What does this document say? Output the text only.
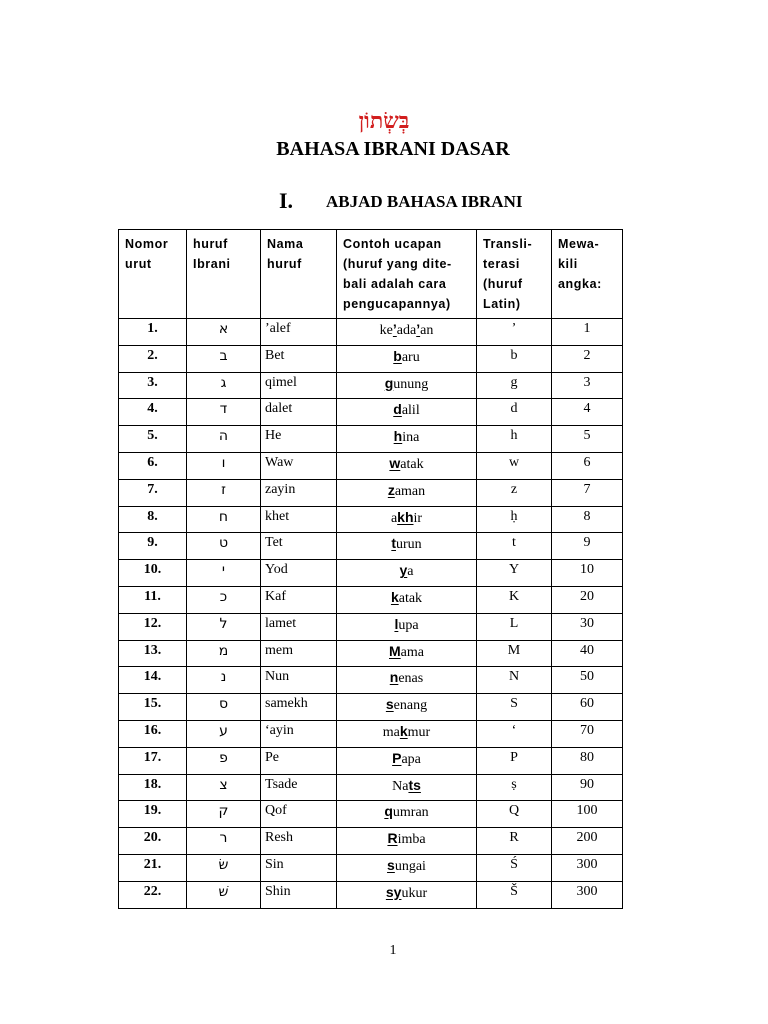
בְּשְׂתוֹן
BAHASA IBRANI DASAR
I. ABJAD BAHASA IBRANI
Nomor urut	huruf Ibrani	Nama huruf	Contoh ucapan (huruf yang dite-bali adalah cara pengucapannya)	Transli-terasi (huruf Latin)	Mewa-kili angka:
1.	א	’alef	ke’ada’an	’	1
2.	ב	Bet	baru	b	2
3.	ג	qimel	gunung	g	3
4.	ד	dalet	dalil	d	4
5.	ה	He	hina	h	5
6.	ו	Waw	watak	w	6
7.	ז	zayin	zaman	z	7
8.	ח	khet	akhir	ḥ	8
9.	ט	Tet	turun	t	9
10.	י	Yod	ya	Y	10
11.	כ	Kaf	katak	K	20
12.	ל	lamet	lupa	L	30
13.	מ	mem	Mama	M	40
14.	נ	Nun	nenas	N	50
15.	ס	samekh	senang	S	60
16.	ע	‘ayin	makmur	‘	70
17.	פ	Pe	Papa	P	80
18.	צ	Tsade	Nats	ṣ	90
19.	ק	Qof	qumran	Q	100
20.	ר	Resh	Rimba	R	200
21.	שׂ	Sin	sungai	Ś	300
22.	שׁ	Shin	syukur	Š	300
1
